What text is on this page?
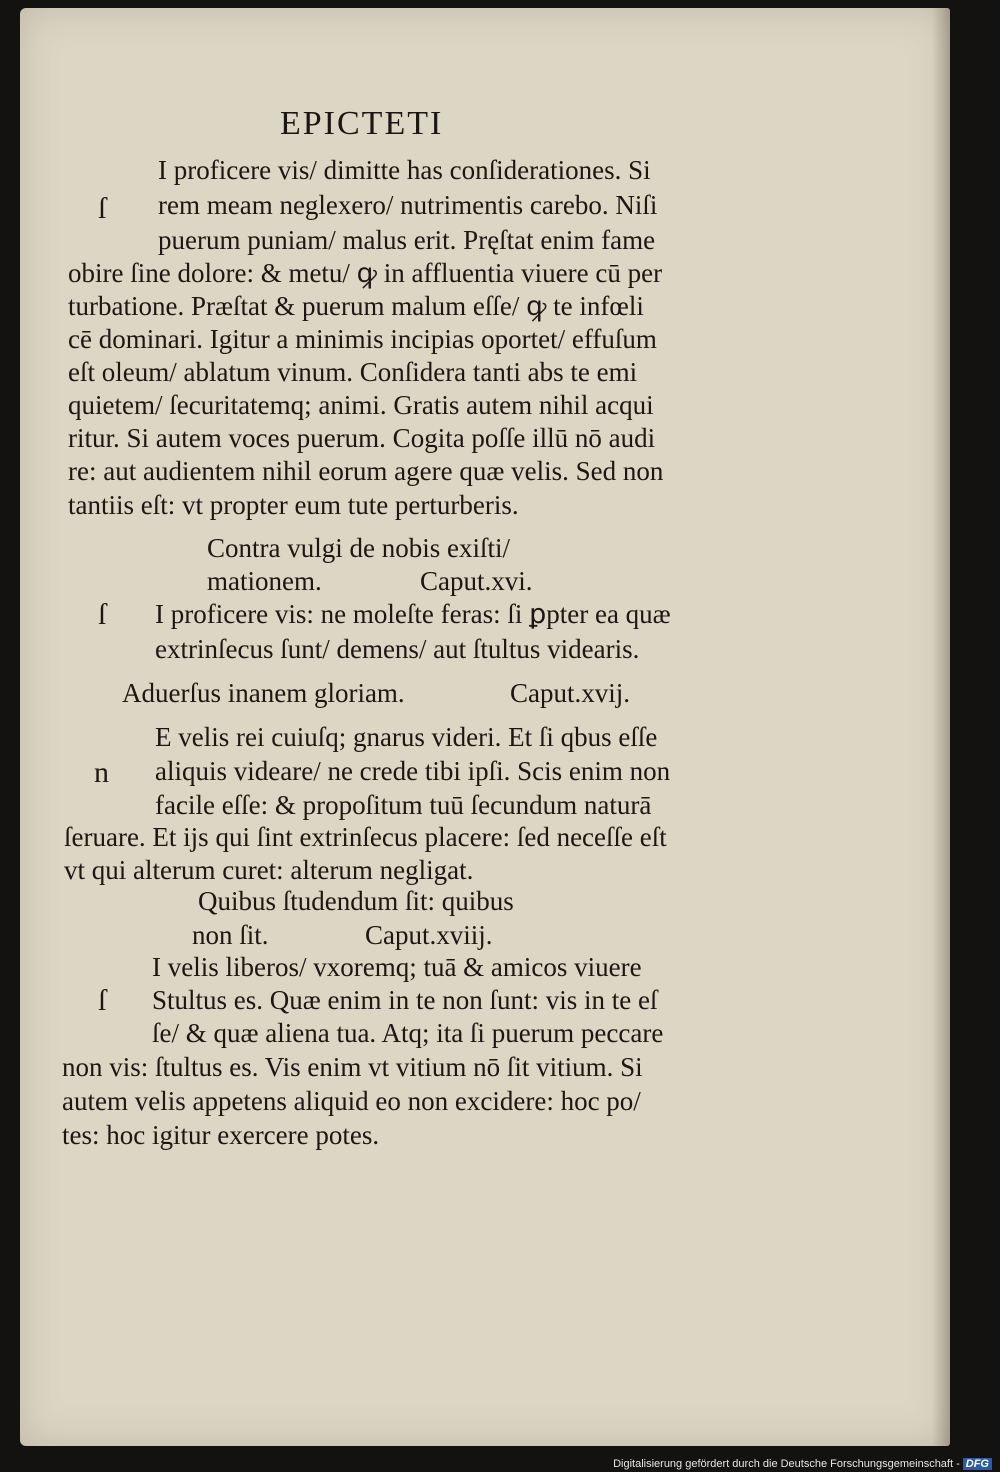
EPICTETI
ſ
I proficere vis/ dimitte has conſiderationes. Si
rem meam neglexero/ nutrimentis carebo. Niſi
puerum puniam/ malus erit. Pręſtat enim fame
obire ſine dolore: & metu/ ꝙ in affluentia viuere cū per
turbatione. Præſtat & puerum malum eſſe/ ꝙ te infœli
cē dominari. Igitur a minimis incipias oportet/ effuſum
eſt oleum/ ablatum vinum. Conſidera tanti abs te emi
quietem/ ſecuritatemq; animi. Gratis autem nihil acqui
ritur. Si autem voces puerum. Cogita poſſe illū nō audi
re: aut audientem nihil eorum agere quæ velis. Sed non
tantiis eſt: vt propter eum tute perturberis.
Contra vulgi de nobis exiſti/
mationem.	Caput.xvi.
ſ I proficere vis: ne moleſte feras: ſi ꝑpter ea quæ
extrinſecus ſunt/ demens/ aut ſtultus videaris.
Aduerſus inanem gloriam.	Caput.xvij.
n
E velis rei cuiuſq; gnarus videri. Et ſi qbus eſſe
aliquis videare/ ne crede tibi ipſi. Scis enim non
facile eſſe: & propoſitum tuū ſecundum naturā
ſeruare. Et ijs qui ſint extrinſecus placere: ſed neceſſe eſt
vt qui alterum curet: alterum negligat.
Quibus ſtudendum ſit: quibus
non ſit.	Caput.xviij.
ſ
I velis liberos/ vxoremq; tuā & amicos viuere
Stultus es. Quæ enim in te non ſunt: vis in te eſ
ſe/ & quæ aliena tua. Atq; ita ſi puerum peccare
non vis: ſtultus es. Vis enim vt vitium nō ſit vitium. Si
autem velis appetens aliquid eo non excidere: hoc po/
tes: hoc igitur exercere potes.
Digitalisierung gefördert durch die Deutsche Forschungsgemeinschaft - DFG
